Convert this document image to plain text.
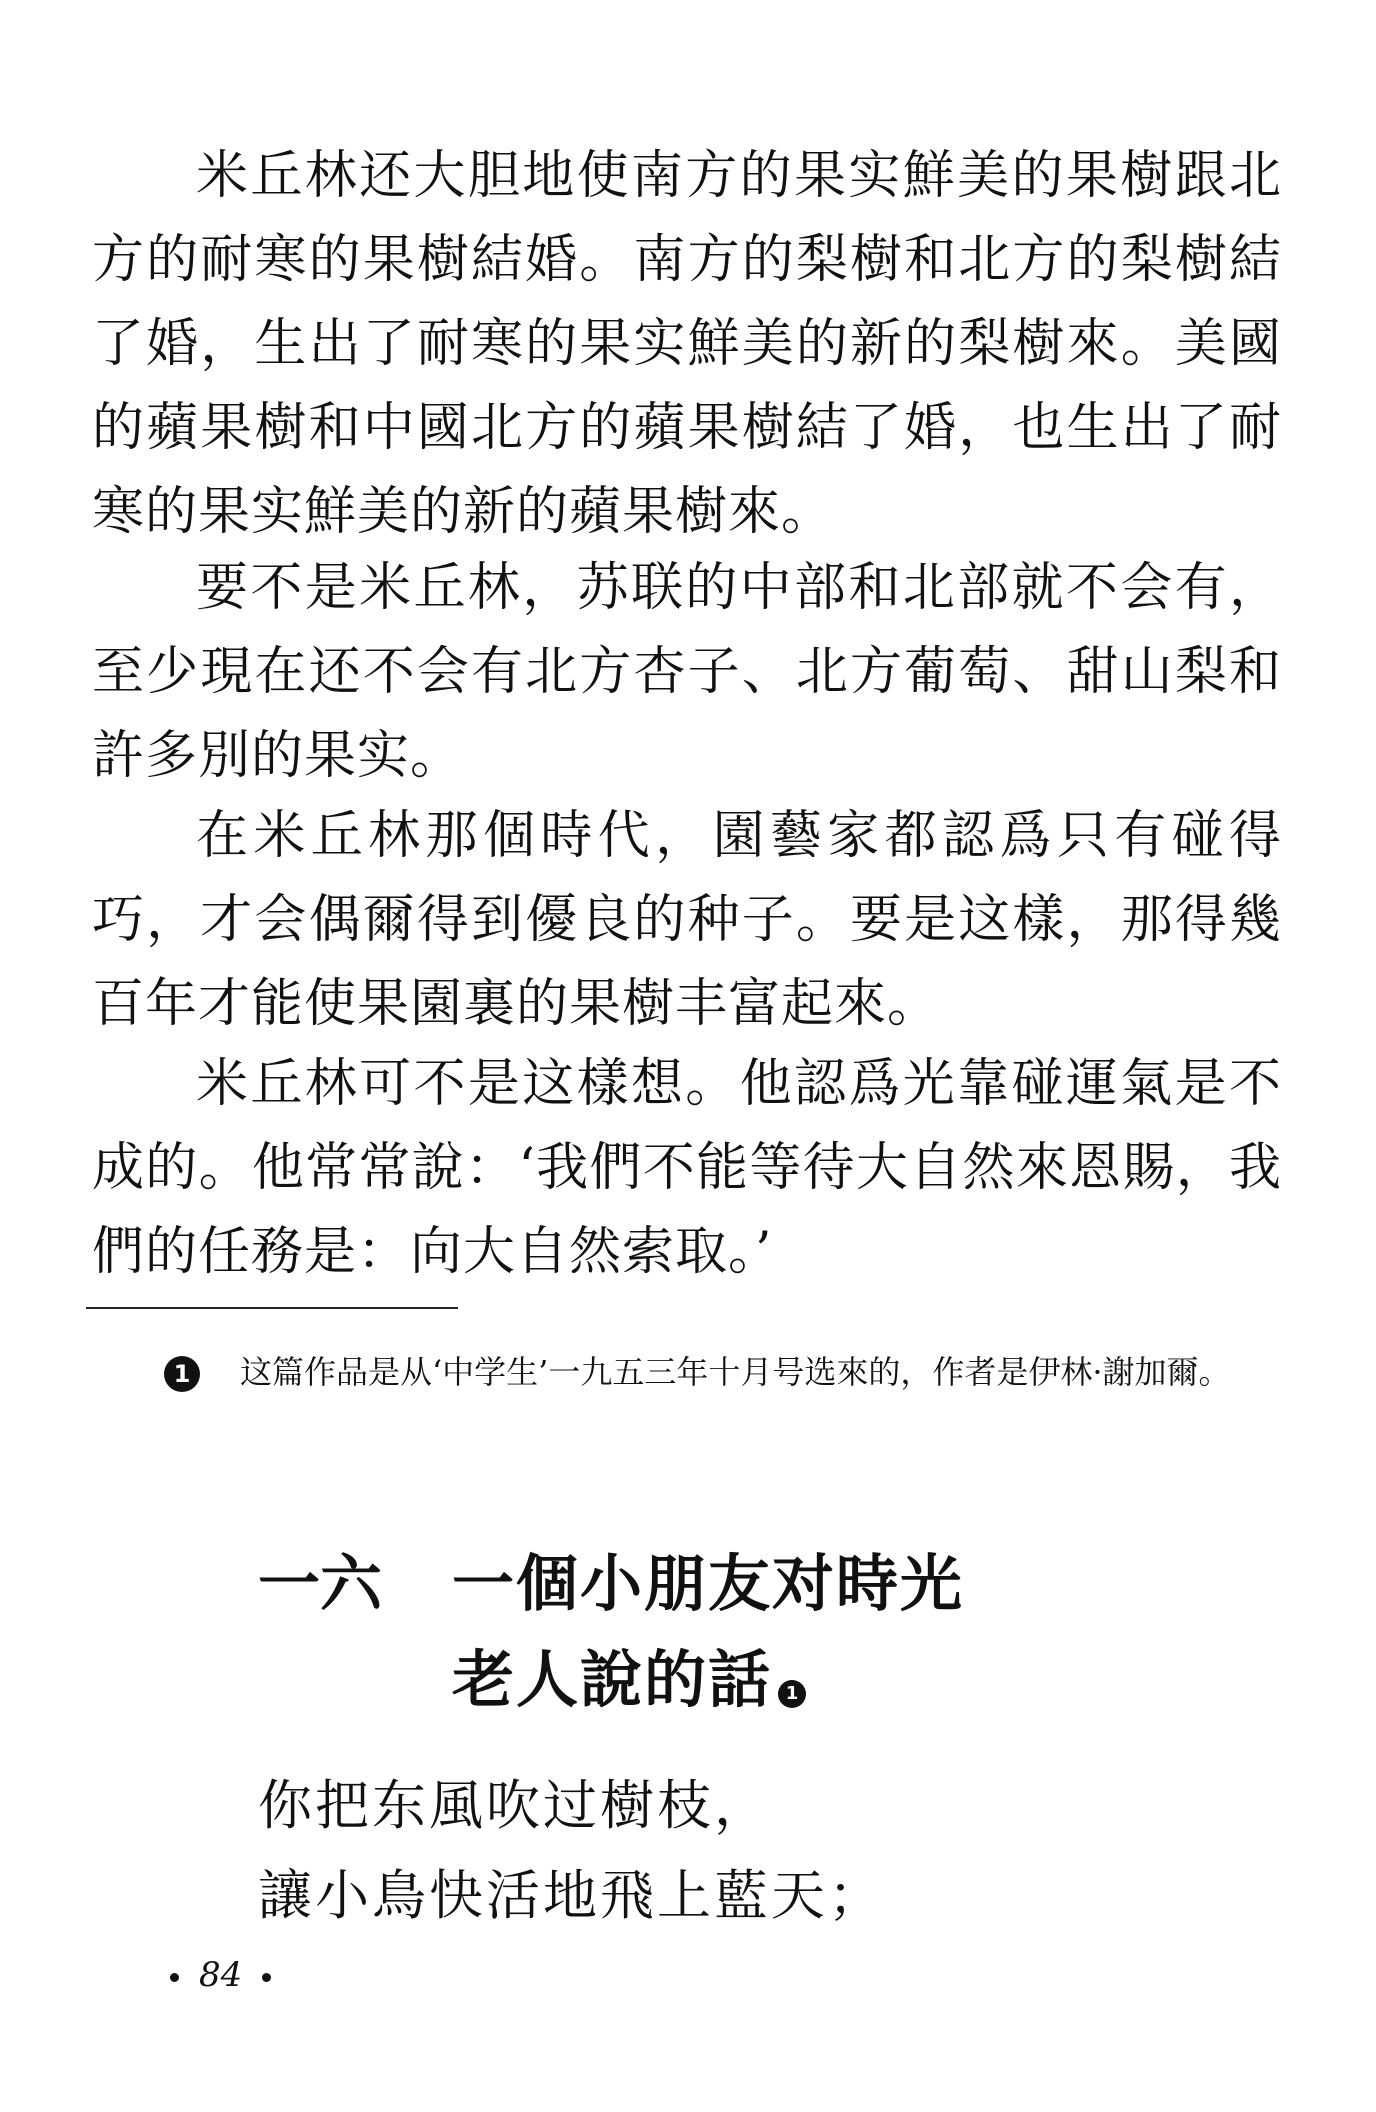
米丘林还大胆地使南方的果实鮮美的果樹跟北方的耐寒的果樹結婚。南方的梨樹和北方的梨樹結了婚，生出了耐寒的果实鮮美的新的梨樹來。美國的蘋果樹和中國北方的蘋果樹結了婚，也生出了耐寒的果实鮮美的新的蘋果樹來。

要不是米丘林，苏联的中部和北部就不会有，至少現在还不会有北方杏子、北方葡萄、甜山梨和許多別的果实。

在米丘林那個時代，園藝家都認爲只有碰得巧，才会偶爾得到優良的种子。要是这樣，那得幾百年才能使果園裏的果樹丰富起來。

米丘林可不是这樣想。他認爲光靠碰運氣是不成的。他常常說：‘我們不能等待大自然來恩賜，我們的任務是：向大自然索取。’

1	这篇作品是从‘中学生’一九五三年十月号选來的，作者是伊林·謝加爾。
一六 一個小朋友对時光
老人說的話 1
你把东風吹过樹枝，
讓小鳥快活地飛上藍天；
84
